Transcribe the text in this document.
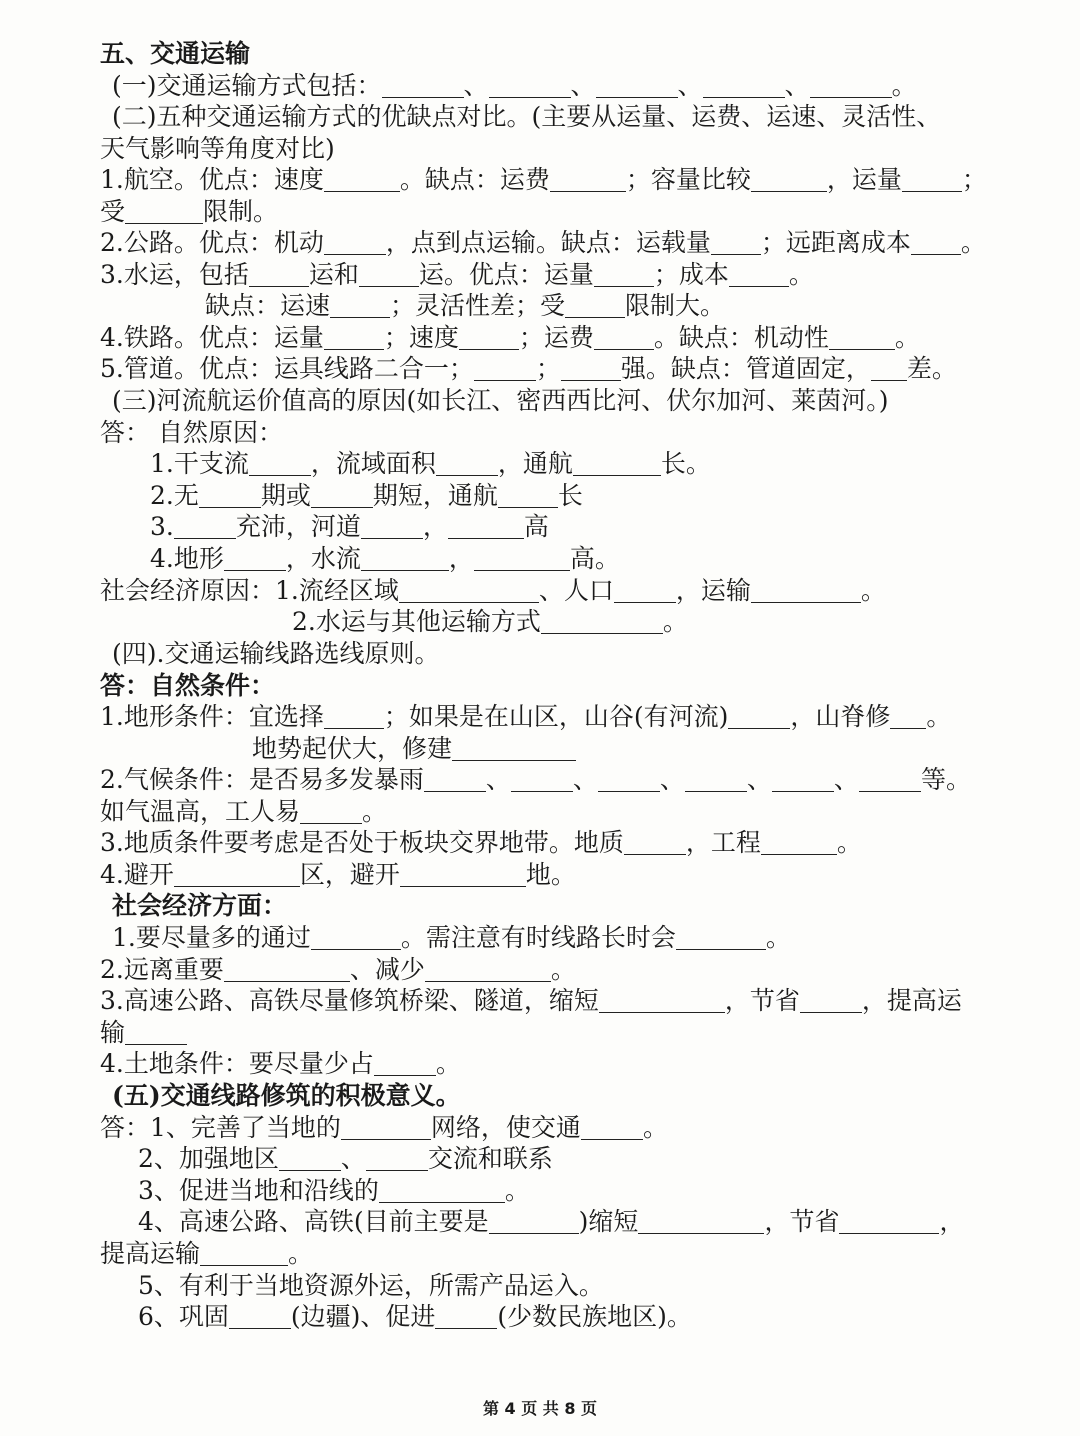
五、交通运输
(一)交通运输方式包括：	、	、	、	、	。
(二)五种交通运输方式的优缺点对比。(主要从运量、运费、运速、灵活性、
天气影响等角度对比)
1.航空。优点：速度	。缺点：运费	；容量比较	，运量 ；
受	限制。
2.公路。优点：机动 ，点到点运输。缺点：运载量 ；远距离成本 。
3.水运，包括 运和 运。优点：运量 ；成本 。
缺点：运速 ；灵活性差；受 限制大。
4.铁路。优点：运量 ；速度 ；运费 。缺点：机动性	。
5.管道。优点：运具线路二合一； ； 强。缺点：管道固定， 差。
(三)河流航运价值高的原因(如长江、密西西比河、伏尔加河、莱茵河。)
答： 自然原因：
1.干支流 ，流域面积 ，通航	长。
2.无 期或 期短，通航 长
3. 充沛，河道 ，	高
4.地形 ，水流	，	高。
社会经济原因：1.流经区域	、人口 ，运输	。
2.水运与其他运输方式	。
(四).交通运输线路选线原则。
答：自然条件：
1.地形条件：宜选择 ；如果是在山区，山谷(有河流) ，山脊修 。
地势起伏大，修建
2.气候条件：是否易多发暴雨 、 、 、 、 、 等。
如气温高，工人易 。
3.地质条件要考虑是否处于板块交界地带。地质 ，工程	。
4.避开	区，避开	地。
社会经济方面：
1.要尽量多的通过	。需注意有时线路长时会	。
2.远离重要	、减少	。
3.高速公路、高铁尽量修筑桥梁、隧道，缩短	，节省 ，提高运
输
4.土地条件：要尽量少占 。
(五)交通线路修筑的积极意义。
答：1、完善了当地的	网络，使交通 。
2、加强地区 、 交流和联系
3、促进当地和沿线的	。
4、高速公路、高铁(目前主要是	)缩短	，节省	，
提高运输	。
5、有利于当地资源外运，所需产品运入。
6、巩固 (边疆)、促进 (少数民族地区)。
第 4 页 共 8 页
